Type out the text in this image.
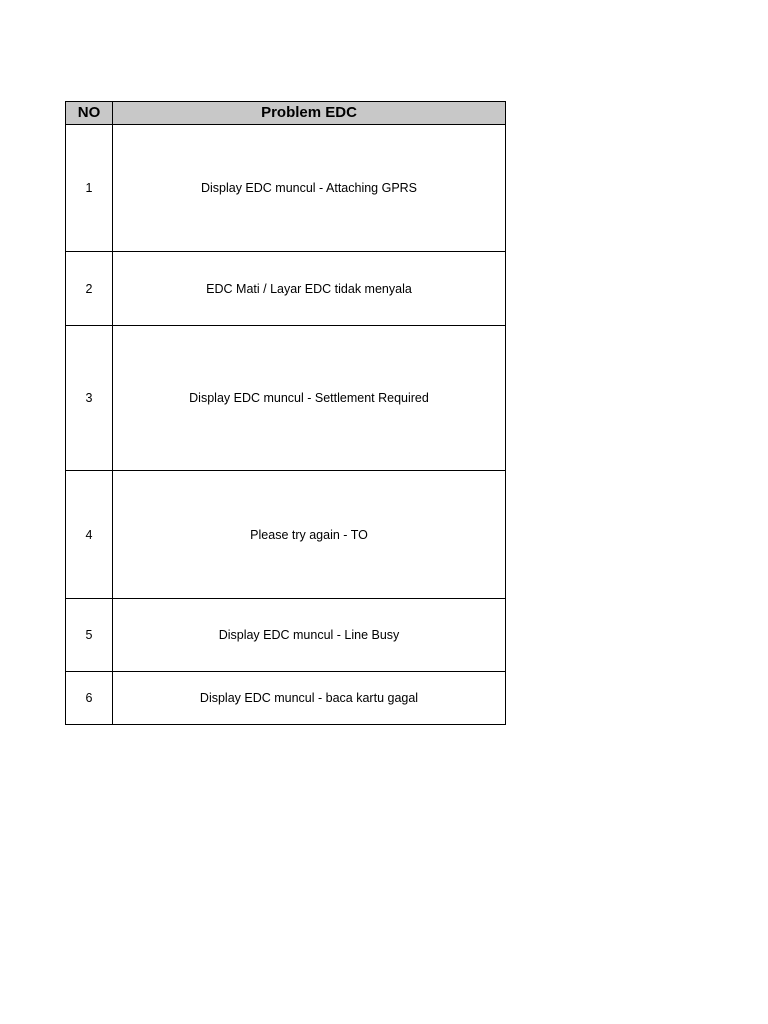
NO	Problem EDC
1	Display EDC muncul - Attaching GPRS
2	EDC Mati / Layar EDC tidak menyala
3	Display EDC muncul - Settlement Required
4	Please try again - TO
5	Display EDC muncul - Line Busy
6	Display EDC muncul - baca kartu gagal
